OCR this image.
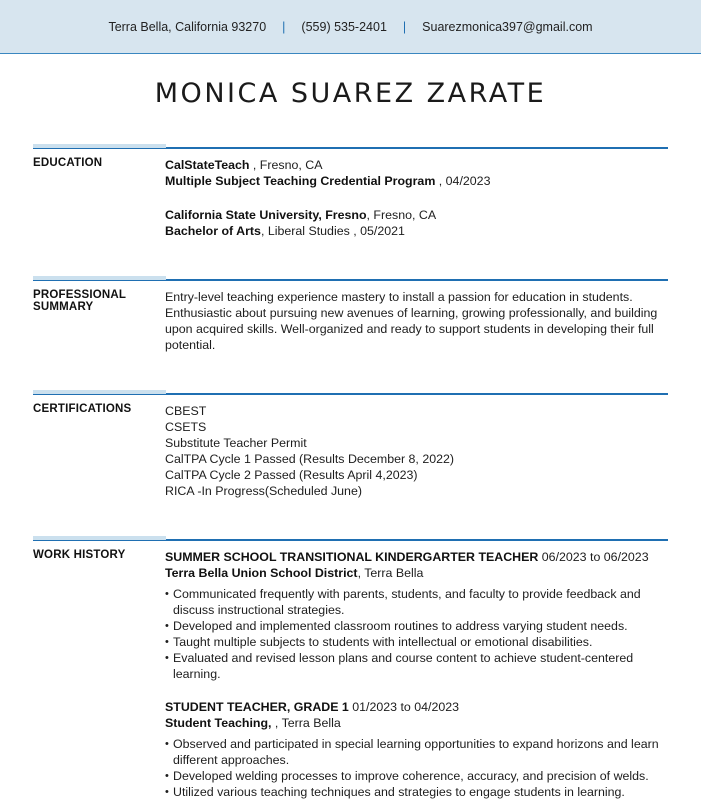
Terra Bella, California 93270 | (559) 535-2401 | Suarezmonica397@gmail.com
MONICA SUAREZ ZARATE
EDUCATION	CalStateTeach , Fresno, CA
Multiple Subject Teaching Credential Program , 04/2023
California State University, Fresno, Fresno, CA
Bachelor of Arts, Liberal Studies , 05/2021
PROFESSIONAL SUMMARY
Entry-level teaching experience mastery to install a passion for education in students. Enthusiastic about pursuing new avenues of learning, growing professionally, and building upon acquired skills. Well-organized and ready to support students in developing their full potential.
CERTIFICATIONS	CBEST
CSETS
Substitute Teacher Permit
CalTPA Cycle 1 Passed (Results December 8, 2022)
CalTPA Cycle 2 Passed (Results April 4,2023)
RICA -In Progress(Scheduled June)
WORK HISTORY	SUMMER SCHOOL TRANSITIONAL KINDERGARTER TEACHER 06/2023 to 06/2023
Terra Bella Union School District, Terra Bella
• Communicated frequently with parents, students, and faculty to provide feedback and discuss instructional strategies.
• Developed and implemented classroom routines to address varying student needs.
• Taught multiple subjects to students with intellectual or emotional disabilities.
• Evaluated and revised lesson plans and course content to achieve student-centered learning.
STUDENT TEACHER, GRADE 1 01/2023 to 04/2023
Student Teaching, , Terra Bella
• Observed and participated in special learning opportunities to expand horizons and learn different approaches.
• Developed welding processes to improve coherence, accuracy, and precision of welds.
• Utilized various teaching techniques and strategies to engage students in learning.
